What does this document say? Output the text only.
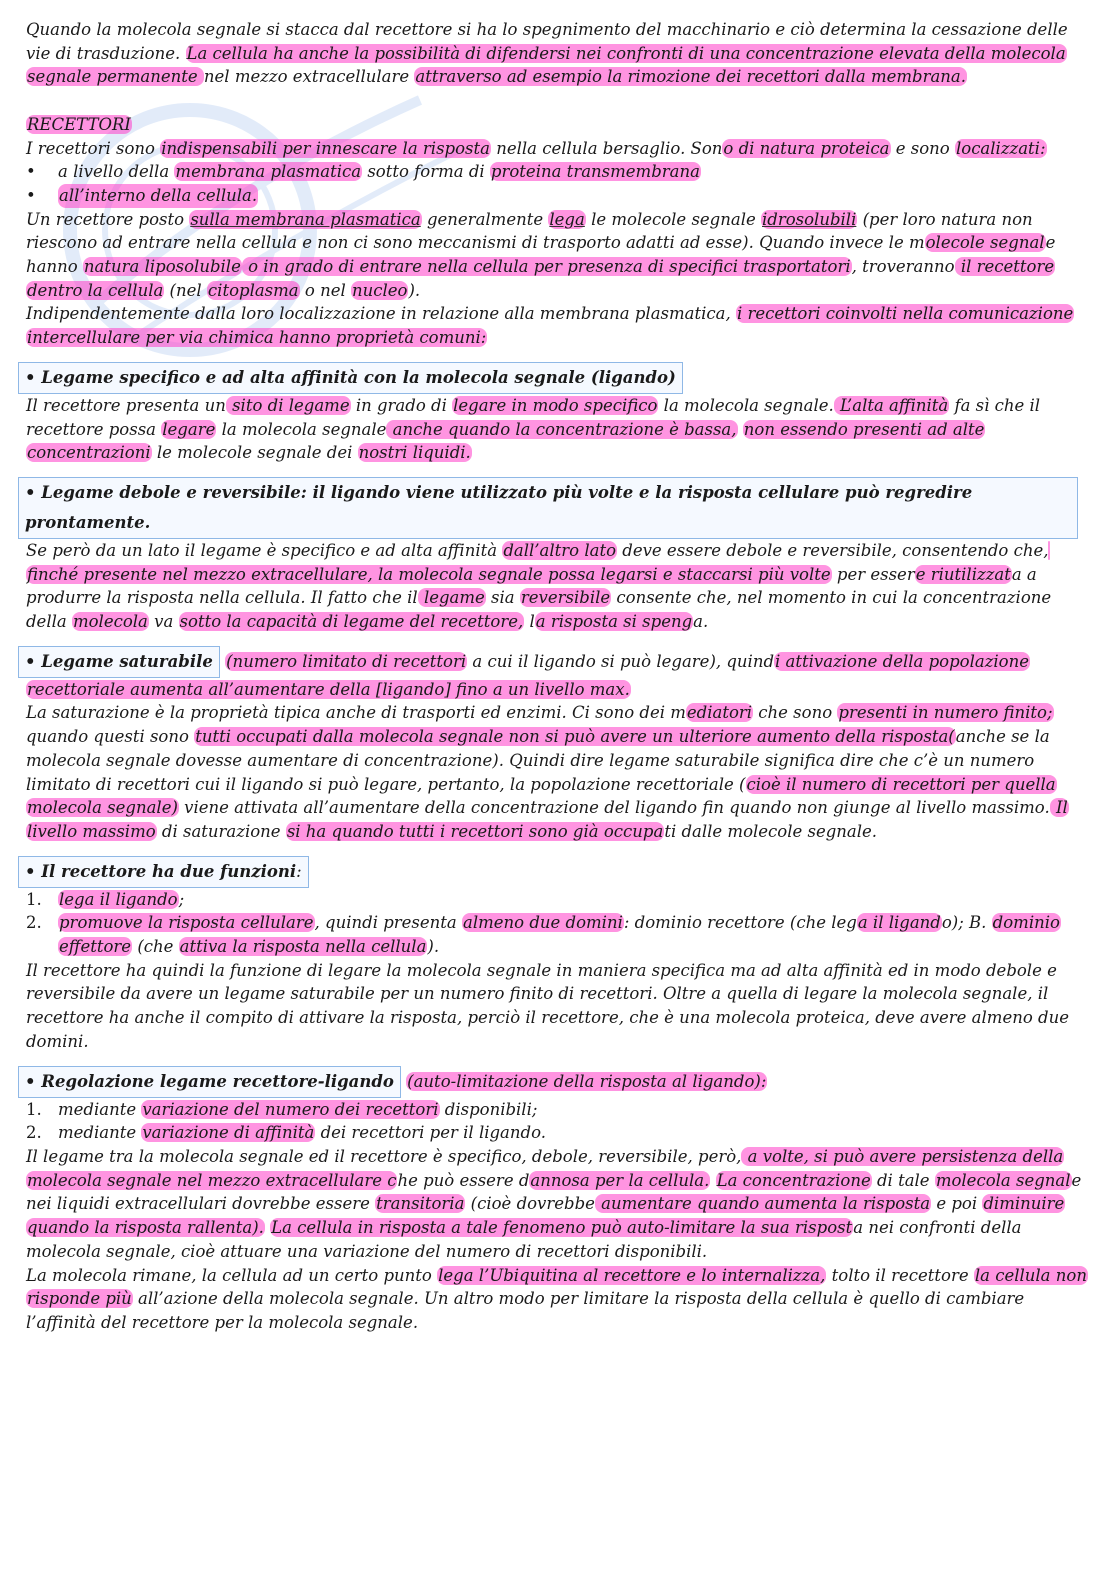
Quando la molecola segnale si stacca dal recettore si ha lo spegnimento del macchinario e ciò determina la cessazione delle vie di trasduzione. La cellula ha anche la possibilità di difendersi nei confronti di una concentrazione elevata della molecola segnale permanente nel mezzo extracellulare attraverso ad esempio la rimozione dei recettori dalla membrana.

RECETTORI

I recettori sono indispensabili per innescare la risposta nella cellula bersaglio. Sono di natura proteica e sono localizzati:

•	a livello della membrana plasmatica sotto forma di proteina transmembrana
•	all’interno della cellula.

Un recettore posto sulla membrana plasmatica generalmente lega le molecole segnale idrosolubili (per loro natura non riescono ad entrare nella cellula e non ci sono meccanismi di trasporto adatti ad esse). Quando invece le molecole segnale hanno natura liposolubile o in grado di entrare nella cellula per presenza di specifici trasportatori, troveranno il recettore dentro la cellula (nel citoplasma o nel nucleo).

Indipendentemente dalla loro localizzazione in relazione alla membrana plasmatica, i recettori coinvolti nella comunicazione intercellulare per via chimica hanno proprietà comuni:

• Legame specifico e ad alta affinità con la molecola segnale (ligando)

Il recettore presenta un sito di legame in grado di legare in modo specifico la molecola segnale. L’alta affinità fa sì che il recettore possa legare la molecola segnale anche quando la concentrazione è bassa, non essendo presenti ad alte concentrazioni le molecole segnale dei nostri liquidi.

• Legame debole e reversibile: il ligando viene utilizzato più volte e la risposta cellulare può regredire prontamente.

Se però da un lato il legame è specifico e ad alta affinità dall’altro lato deve essere debole e reversibile, consentendo che, finché presente nel mezzo extracellulare, la molecola segnale possa legarsi e staccarsi più volte per essere riutilizzata a produrre la risposta nella cellula. Il fatto che il legame sia reversibile consente che, nel momento in cui la concentrazione della molecola va sotto la capacità di legame del recettore, la risposta si spenga.

• Legame saturabile (numero limitato di recettori a cui il ligando si può legare), quindi attivazione della popolazione recettoriale aumenta all’aumentare della [ligando] fino a un livello max.

La saturazione è la proprietà tipica anche di trasporti ed enzimi. Ci sono dei mediatori che sono presenti in numero finito; quando questi sono tutti occupati dalla molecola segnale non si può avere un ulteriore aumento della risposta(anche se la molecola segnale dovesse aumentare di concentrazione). Quindi dire legame saturabile significa dire che c’è un numero limitato di recettori cui il ligando si può legare, pertanto, la popolazione recettoriale (cioè il numero di recettori per quella molecola segnale) viene attivata all’aumentare della concentrazione del ligando fin quando non giunge al livello massimo. Il livello massimo di saturazione si ha quando tutti i recettori sono già occupati dalle molecole segnale.

• Il recettore ha due funzioni:
1.	lega il ligando;
2.	promuove la risposta cellulare, quindi presenta almeno due domini: dominio recettore (che lega il ligando); B. dominio effettore (che attiva la risposta nella cellula).

Il recettore ha quindi la funzione di legare la molecola segnale in maniera specifica ma ad alta affinità ed in modo debole e reversibile da avere un legame saturabile per un numero finito di recettori. Oltre a quella di legare la molecola segnale, il recettore ha anche il compito di attivare la risposta, perciò il recettore, che è una molecola proteica, deve avere almeno due domini.

• Regolazione legame recettore-ligando (auto-limitazione della risposta al ligando):

1. mediante variazione del numero dei recettori disponibili;
2. mediante variazione di affinità dei recettori per il ligando.

Il legame tra la molecola segnale ed il recettore è specifico, debole, reversibile, però, a volte, si può avere persistenza della molecola segnale nel mezzo extracellulare che può essere dannosa per la cellula. La concentrazione di tale molecola segnale nei liquidi extracellulari dovrebbe essere transitoria (cioè dovrebbe aumentare quando aumenta la risposta e poi diminuire quando la risposta rallenta). La cellula in risposta a tale fenomeno può auto-limitare la sua risposta nei confronti della molecola segnale, cioè attuare una variazione del numero di recettori disponibili.

La molecola rimane, la cellula ad un certo punto lega l’Ubiquitina al recettore e lo internalizza, tolto il recettore la cellula non risponde più all’azione della molecola segnale. Un altro modo per limitare la risposta della cellula è quello di cambiare l’affinità del recettore per la molecola segnale.
